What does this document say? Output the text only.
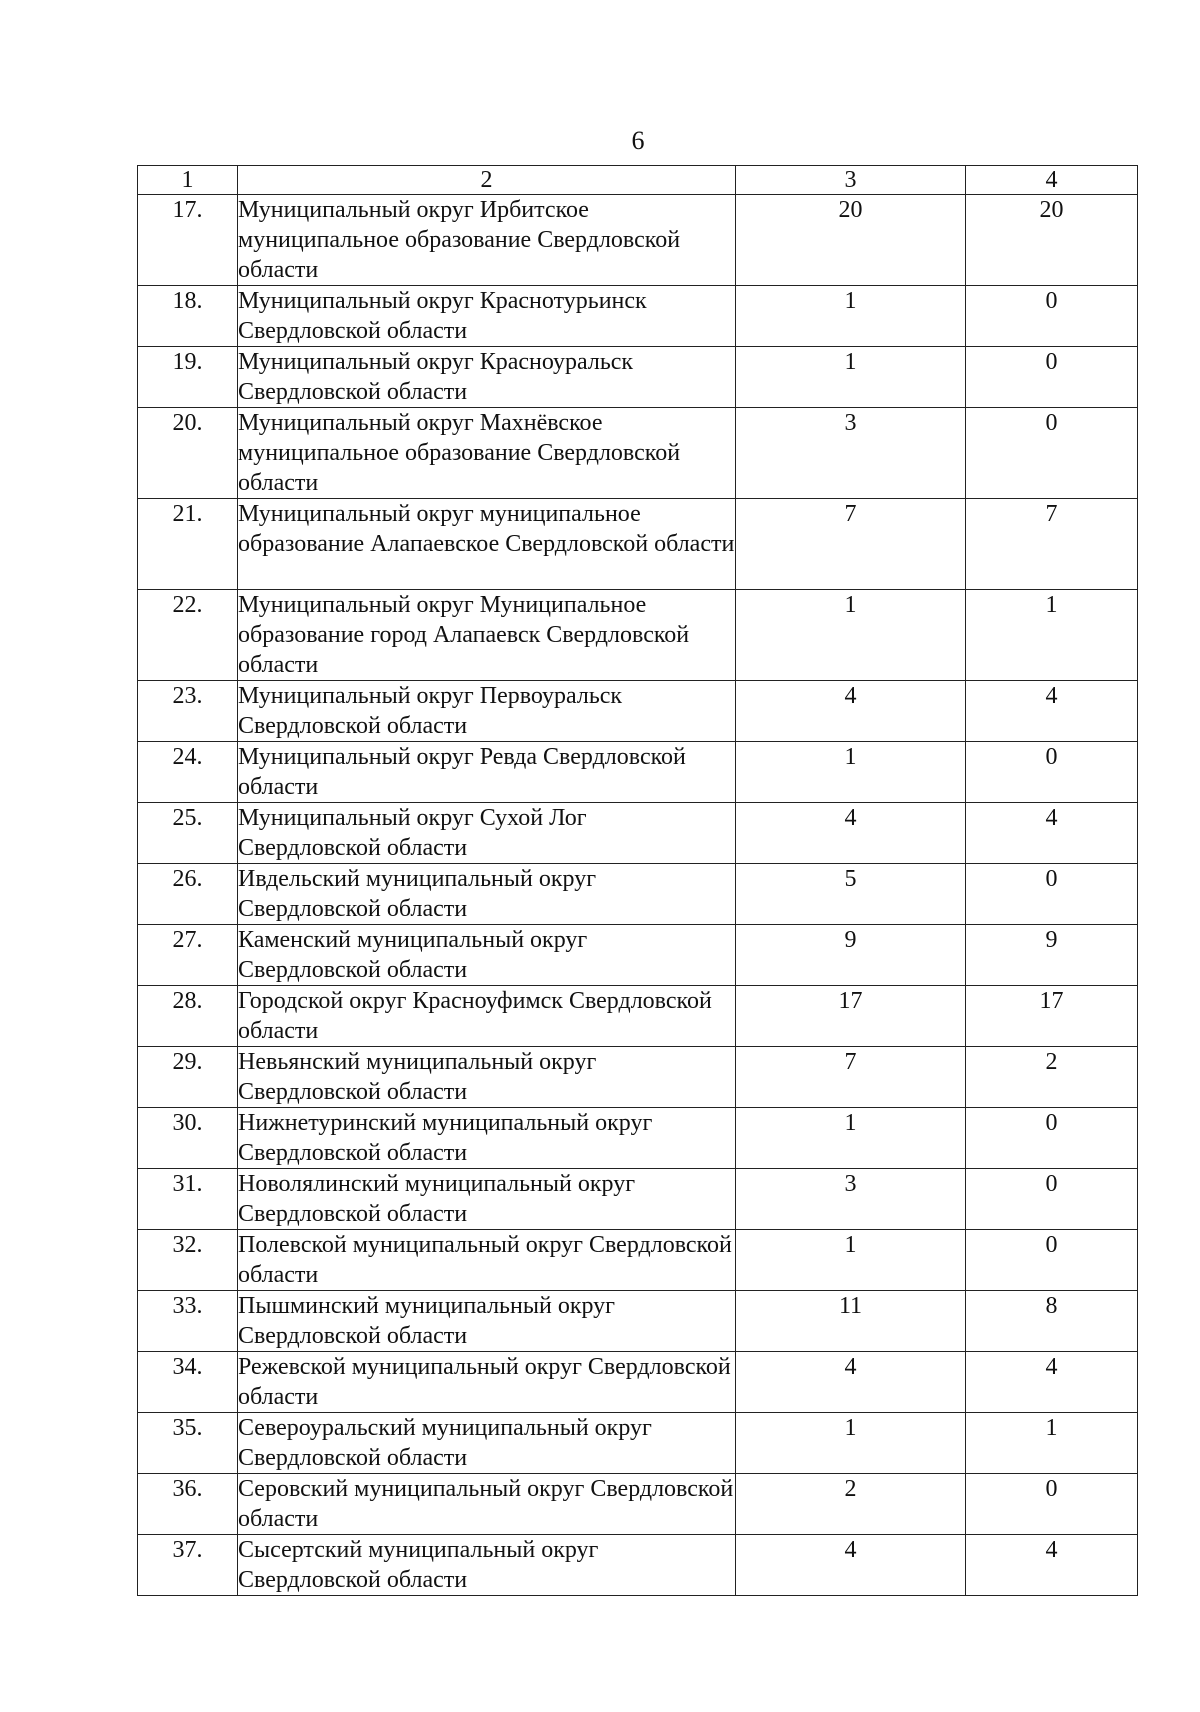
6
1	2	3	4
17.	Муниципальный округ Ирбитское муниципальное образование Свердловской области	20	20
18.	Муниципальный округ Краснотурьинск Свердловской области	1	0
19.	Муниципальный округ Красноуральск Свердловской области	1	0
20.	Муниципальный округ Махнёвское муниципальное образование Свердловской области	3	0
21.	Муниципальный округ муниципальное образование Алапаевское Свердловской области	7	7
22.	Муниципальный округ Муниципальное образование город Алапаевск Свердловской области	1	1
23.	Муниципальный округ Первоуральск Свердловской области	4	4
24.	Муниципальный округ Ревда Свердловской области	1	0
25.	Муниципальный округ Сухой Лог Свердловской области	4	4
26.	Ивдельский муниципальный округ Свердловской области	5	0
27.	Каменский муниципальный округ Свердловской области	9	9
28.	Городской округ Красноуфимск Свердловской области	17	17
29.	Невьянский муниципальный округ Свердловской области	7	2
30.	Нижнетуринский муниципальный округ Свердловской области	1	0
31.	Новолялинский муниципальный округ Свердловской области	3	0
32.	Полевской муниципальный округ Свердловской области	1	0
33.	Пышминский муниципальный округ Свердловской области	11	8
34.	Режевской муниципальный округ Свердловской области	4	4
35.	Североуральский муниципальный округ Свердловской области	1	1
36.	Серовский муниципальный округ Свердловской области	2	0
37.	Сысертский муниципальный округ Свердловской области	4	4
